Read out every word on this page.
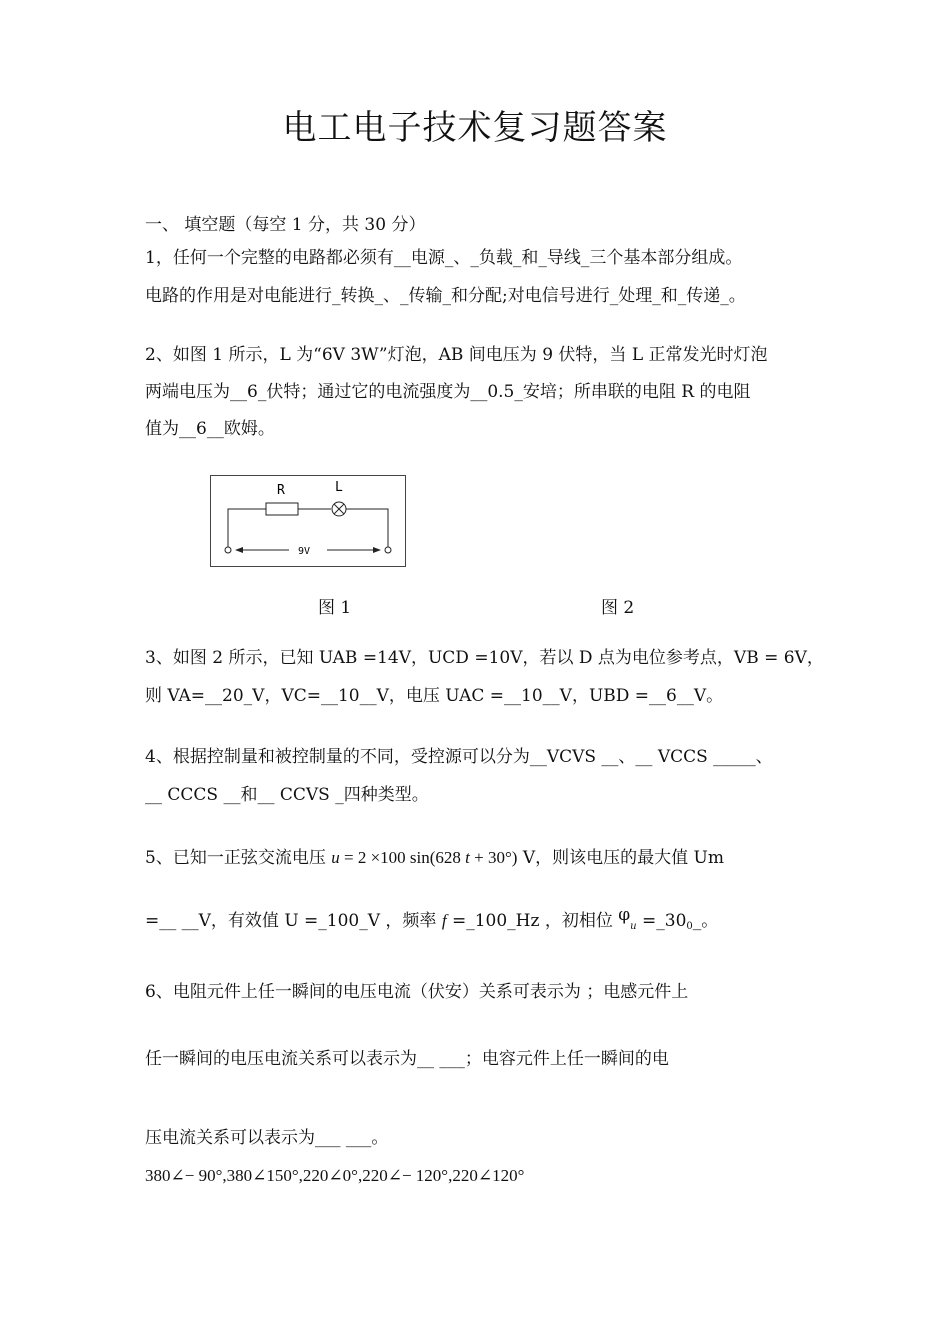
电工电子技术复习题答案
一、 填空题（每空 1 分，共 30 分）
1，任何一个完整的电路都必须有__电源_、_负载_和_导线_三个基本部分组成。
电路的作用是对电能进行_转换_、_传输_和分配;对电信号进行_处理_和_传递_。
2、如图 1 所示，L 为“6V 3W”灯泡，AB 间电压为 9 伏特，当 L 正常发光时灯泡
两端电压为__6_伏特；通过它的电流强度为__0.5_安培；所串联的电阻 R 的电阻
值为__6__欧姆。
R	L
9V
图 1	图 2
3、如图 2 所示，已知 UAB =14V，UCD =10V，若以 D 点为电位参考点，VB = 6V，
则 VA=__20_V，VC=__10__V，电压 UAC =__10__V，UBD =__6__V。
4、根据控制量和被控制量的不同，受控源可以分为__VCVS __、__ VCCS _____、
__ CCCS __和__ CCVS _四种类型。
5、已知一正弦交流电压 u = 2 ×100 sin(628 t + 30°) V，则该电压的最大值 Um
=__ __V，有效值 U =_100_V ，频率 f =_100_Hz ，初相位 $\varphi_u$ =_300_。
6、电阻元件上任一瞬间的电压电流（伏安）关系可表示为 ；电感元件上
任一瞬间的电压电流关系可以表示为__ ___；电容元件上任一瞬间的电
压电流关系可以表示为___ ___。
380∠− 90°,380∠150°,220∠0°,220∠− 120°,220∠120°
